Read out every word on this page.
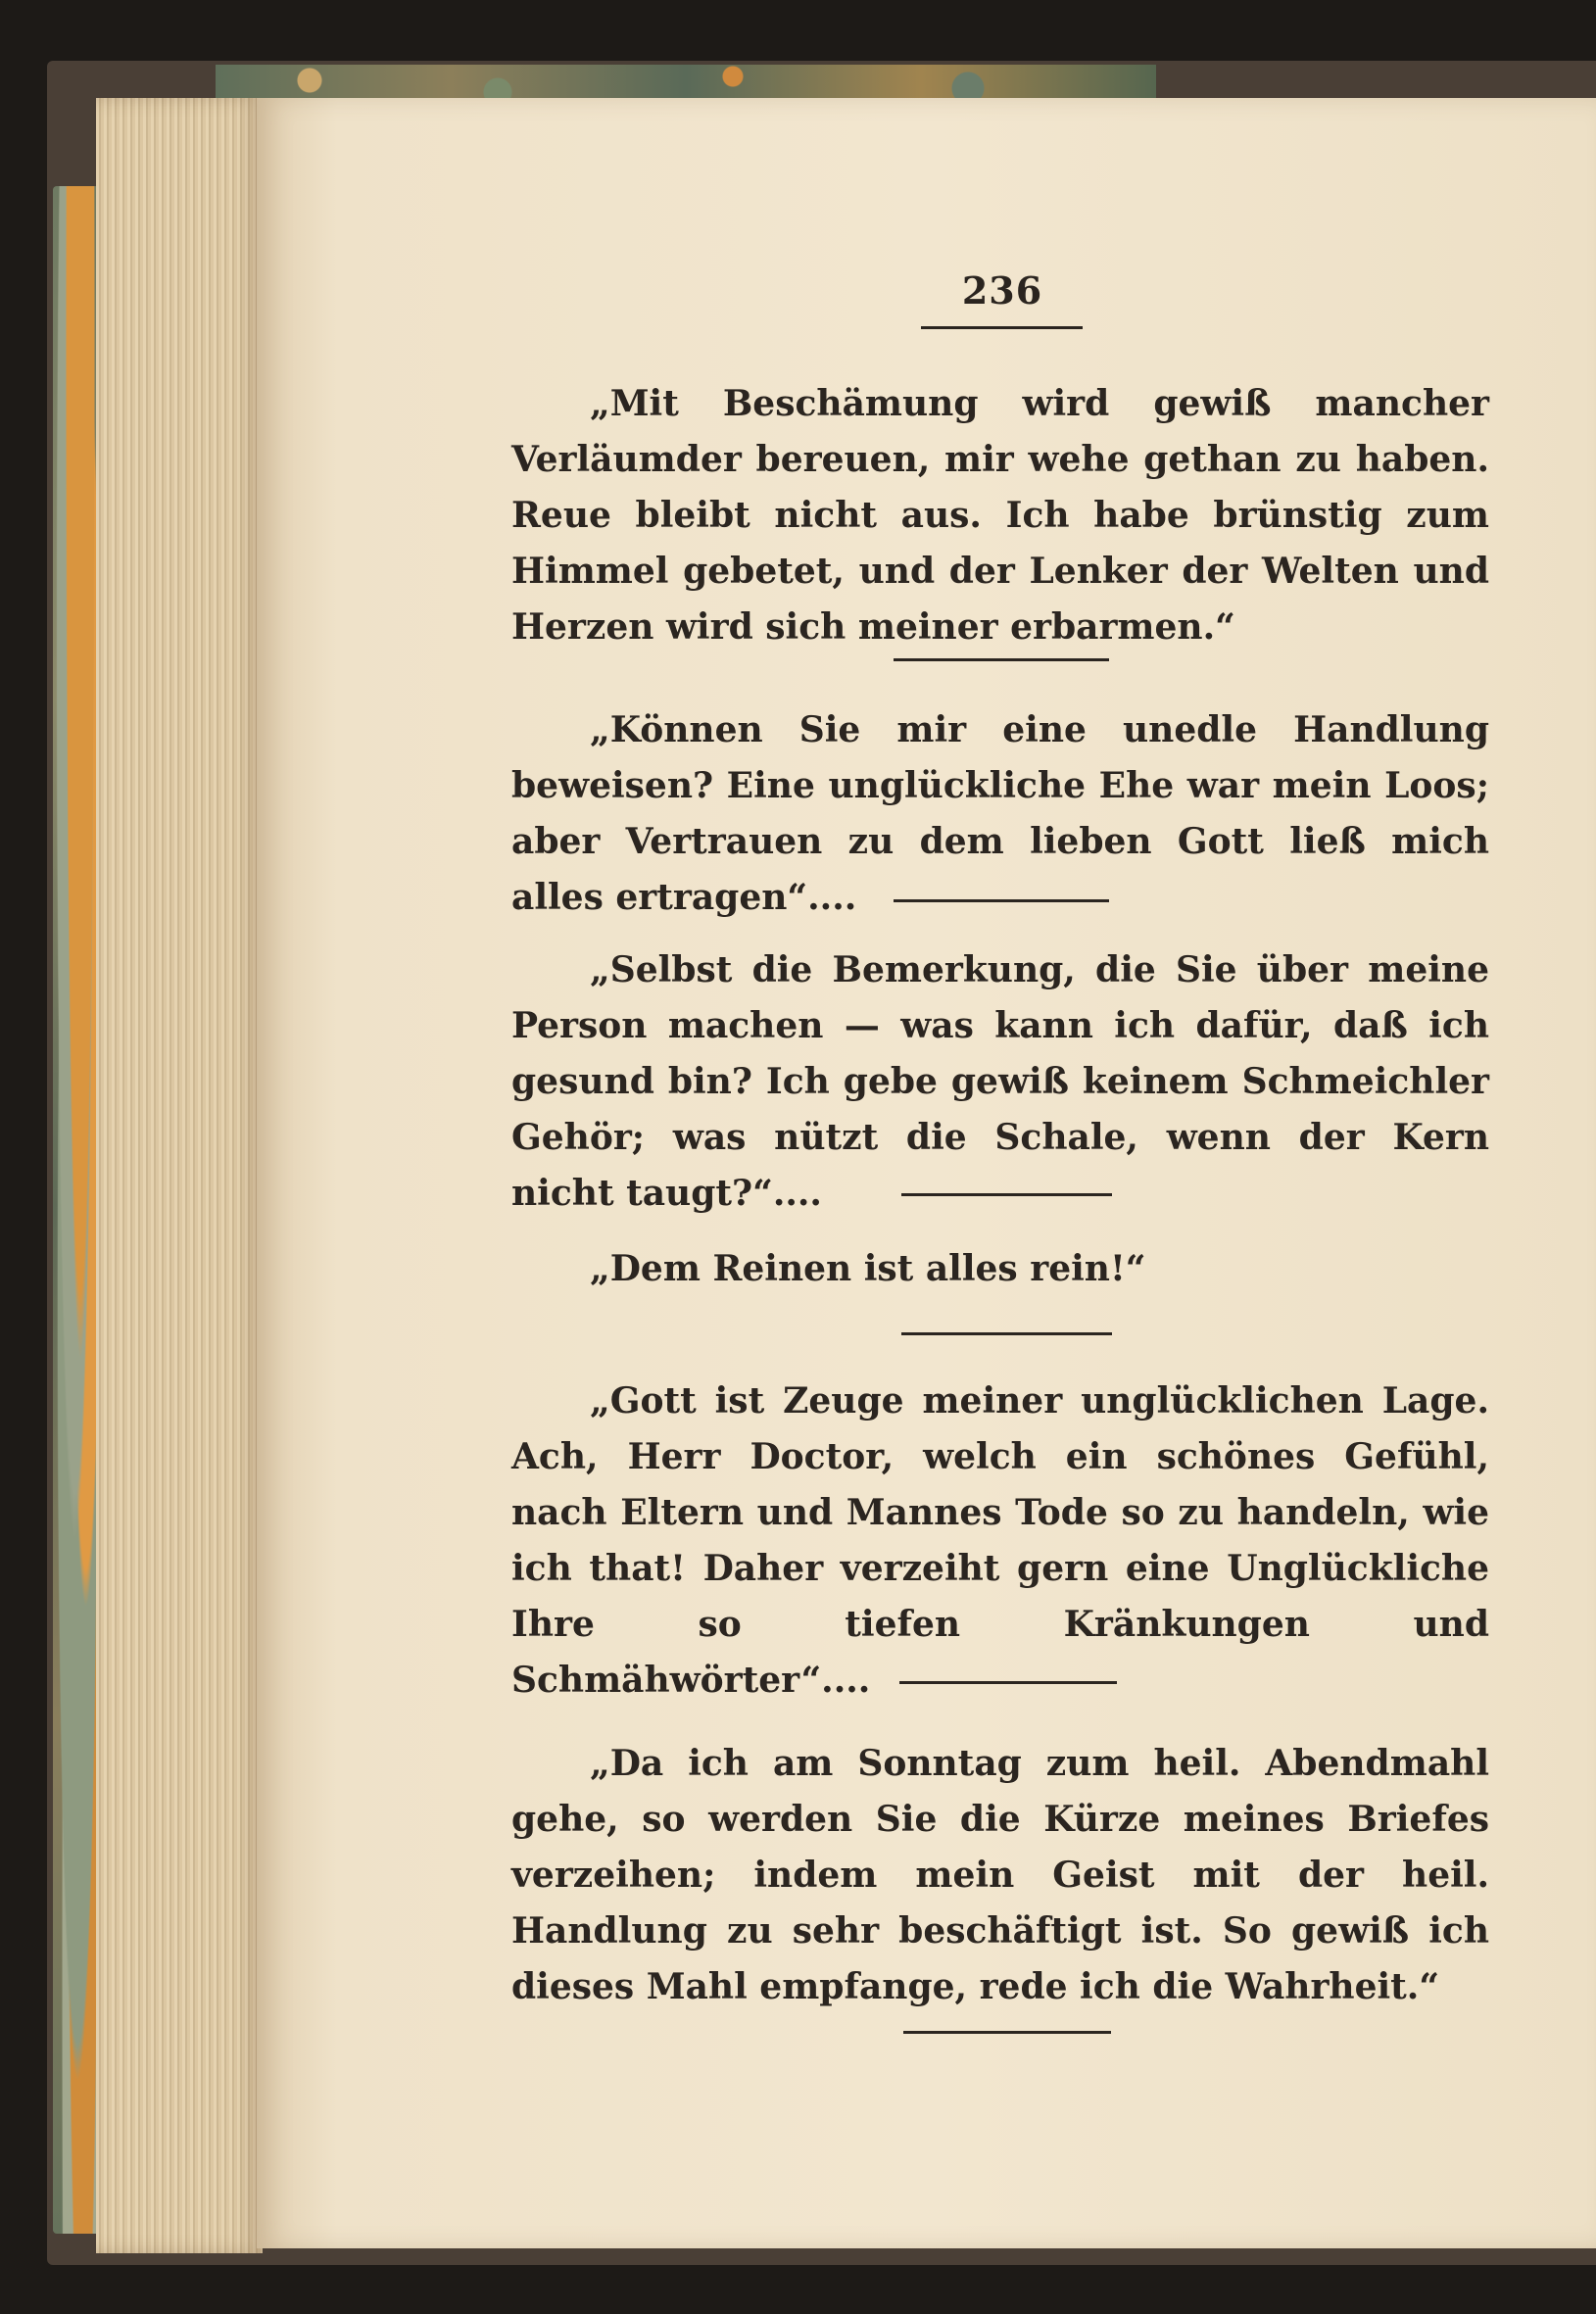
236

„Mit Beschämung wird gewiß mancher Verläumder bereuen, mir wehe gethan zu haben. Reue bleibt nicht aus. Ich habe brünstig zum Himmel gebetet, und der Lenker der Welten und Herzen wird sich meiner erbarmen.“

„Können Sie mir eine unedle Handlung beweisen? Eine unglückliche Ehe war mein Loos; aber Vertrauen zu dem lieben Gott ließ mich alles ertragen“....

„Selbst die Bemerkung, die Sie über meine Person machen — was kann ich dafür, daß ich gesund bin? Ich gebe gewiß keinem Schmeichler Gehör; was nützt die Schale, wenn der Kern nicht taugt?“....

„Dem Reinen ist alles rein!“

„Gott ist Zeuge meiner unglücklichen Lage. Ach, Herr Doctor, welch ein schönes Gefühl, nach Eltern und Mannes Tode so zu handeln, wie ich that! Daher verzeiht gern eine Unglückliche Ihre so tiefen Kränkungen und Schmähwörter“....

„Da ich am Sonntag zum heil. Abendmahl gehe, so werden Sie die Kürze meines Briefes verzeihen; indem mein Geist mit der heil. Handlung zu sehr beschäftigt ist. So gewiß ich dieses Mahl empfange, rede ich die Wahrheit.“
